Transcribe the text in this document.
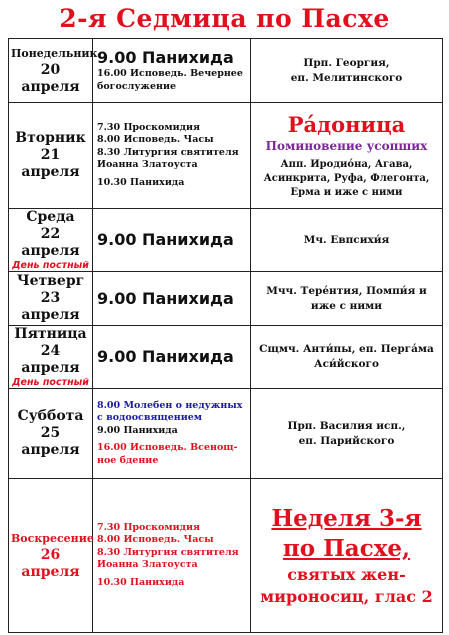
2-я Седмица по Пасхе
Понедельник
20 апреля	9.00 Панихида
16.00 Исповедь. Вечернее
богослужение	Прп. Георгия,
еп. Мелитинского

Вторник
21 апреля	7.30 Проскомидия
8.00 Исповедь. Часы
8.30 Литургия святителя
Иоанна Златоуста
10.30 Панихида	Ра́доница
Поминовение усопших
Апп. Иродио́на, Агава,
Асинкрита, Руфа, Флегонта,
Ерма и иже с ними

Среда
22 апреля
День постный	9.00 Панихида	Мч. Евпсихи́я

Четверг
23 апреля	9.00 Панихида	Мчч. Тере́нтия, Помпи́я и
иже с ними

Пятница
24 апреля
День постный	9.00 Панихида	Сщмч. Анти́пы, еп. Перга́ма
Аси́йского

Суббота
25 апреля	8.00 Молебен о недужных
с водоосвящением
9.00 Панихида
16.00 Исповедь. Всенощ-
ное бдение	Прп. Василия исп.,
еп. Парийского

Воскресение
26 апреля	7.30 Проскомидия
8.00 Исповедь. Часы
8.30 Литургия святителя
Иоанна Златоуста
10.30 Панихида	Неделя 3-я
по Пасхе,
святых жен-
мироносиц, глас 2
